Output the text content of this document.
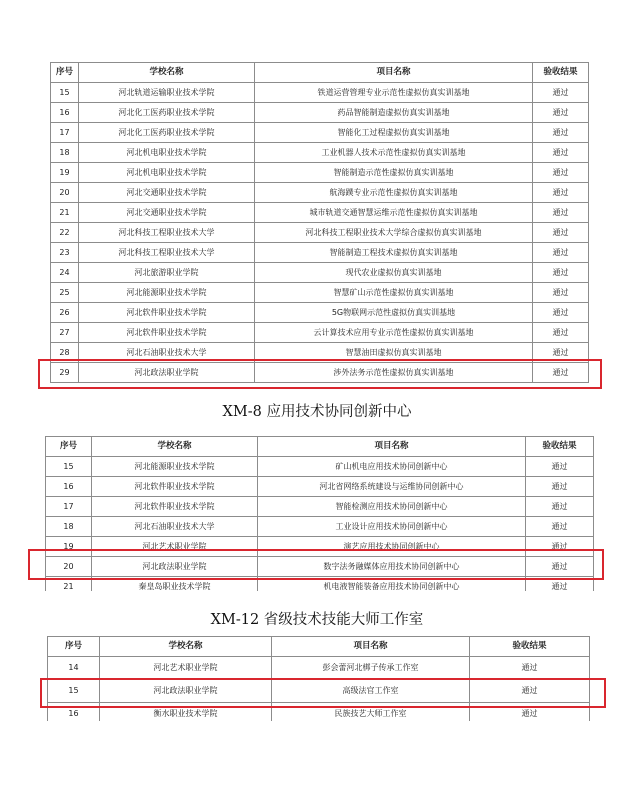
序号	学校名称	项目名称	验收结果
15	河北轨道运输职业技术学院	铁道运营管理专业示范性虚拟仿真实训基地	通过
16	河北化工医药职业技术学院	药品智能制造虚拟仿真实训基地	通过
17	河北化工医药职业技术学院	智能化工过程虚拟仿真实训基地	通过
18	河北机电职业技术学院	工业机器人技术示范性虚拟仿真实训基地	通过
19	河北机电职业技术学院	智能制造示范性虚拟仿真实训基地	通过
20	河北交通职业技术学院	航海蹼专业示范性虚拟仿真实训基地	通过
21	河北交通职业技术学院	城市轨道交通智慧运维示范性虚拟仿真实训基地	通过
22	河北科技工程职业技术大学	河北科技工程职业技术大学综合虚拟仿真实训基地	通过
23	河北科技工程职业技术大学	智能制造工程技术虚拟仿真实训基地	通过
24	河北旅游职业学院	现代农业虚拟仿真实训基地	通过
25	河北能源职业技术学院	智慧矿山示范性虚拟仿真实训基地	通过
26	河北软件职业技术学院	5G物联网示范性虚拟仿真实训基地	通过
27	河北软件职业技术学院	云计算技术应用专业示范性虚拟仿真实训基地	通过
28	河北石油职业技术大学	智慧油田虚拟仿真实训基地	通过
29	河北政法职业学院	涉外法务示范性虚拟仿真实训基地	通过
XM-8 应用技术协同创新中心
序号	学校名称	项目名称	验收结果
15	河北能源职业技术学院	矿山机电应用技术协同创新中心	通过
16	河北软件职业技术学院	河北省网络系统建设与运维协同创新中心	通过
17	河北软件职业技术学院	智能检测应用技术协同创新中心	通过
18	河北石油职业技术大学	工业设计应用技术协同创新中心	通过
19	河北艺术职业学院	演艺应用技术协同创新中心	通过
20	河北政法职业学院	数字法务融媒体应用技术协同创新中心	通过
21	秦皇岛职业技术学院	机电液智能装备应用技术协同创新中心	通过
XM-12 省级技术技能大师工作室
序号	学校名称	项目名称	验收结果
14	河北艺术职业学院	彭会蕾河北梆子传承工作室	通过
15	河北政法职业学院	高级法官工作室	通过
16	衡水职业技术学院	民族技艺大师工作室	通过
